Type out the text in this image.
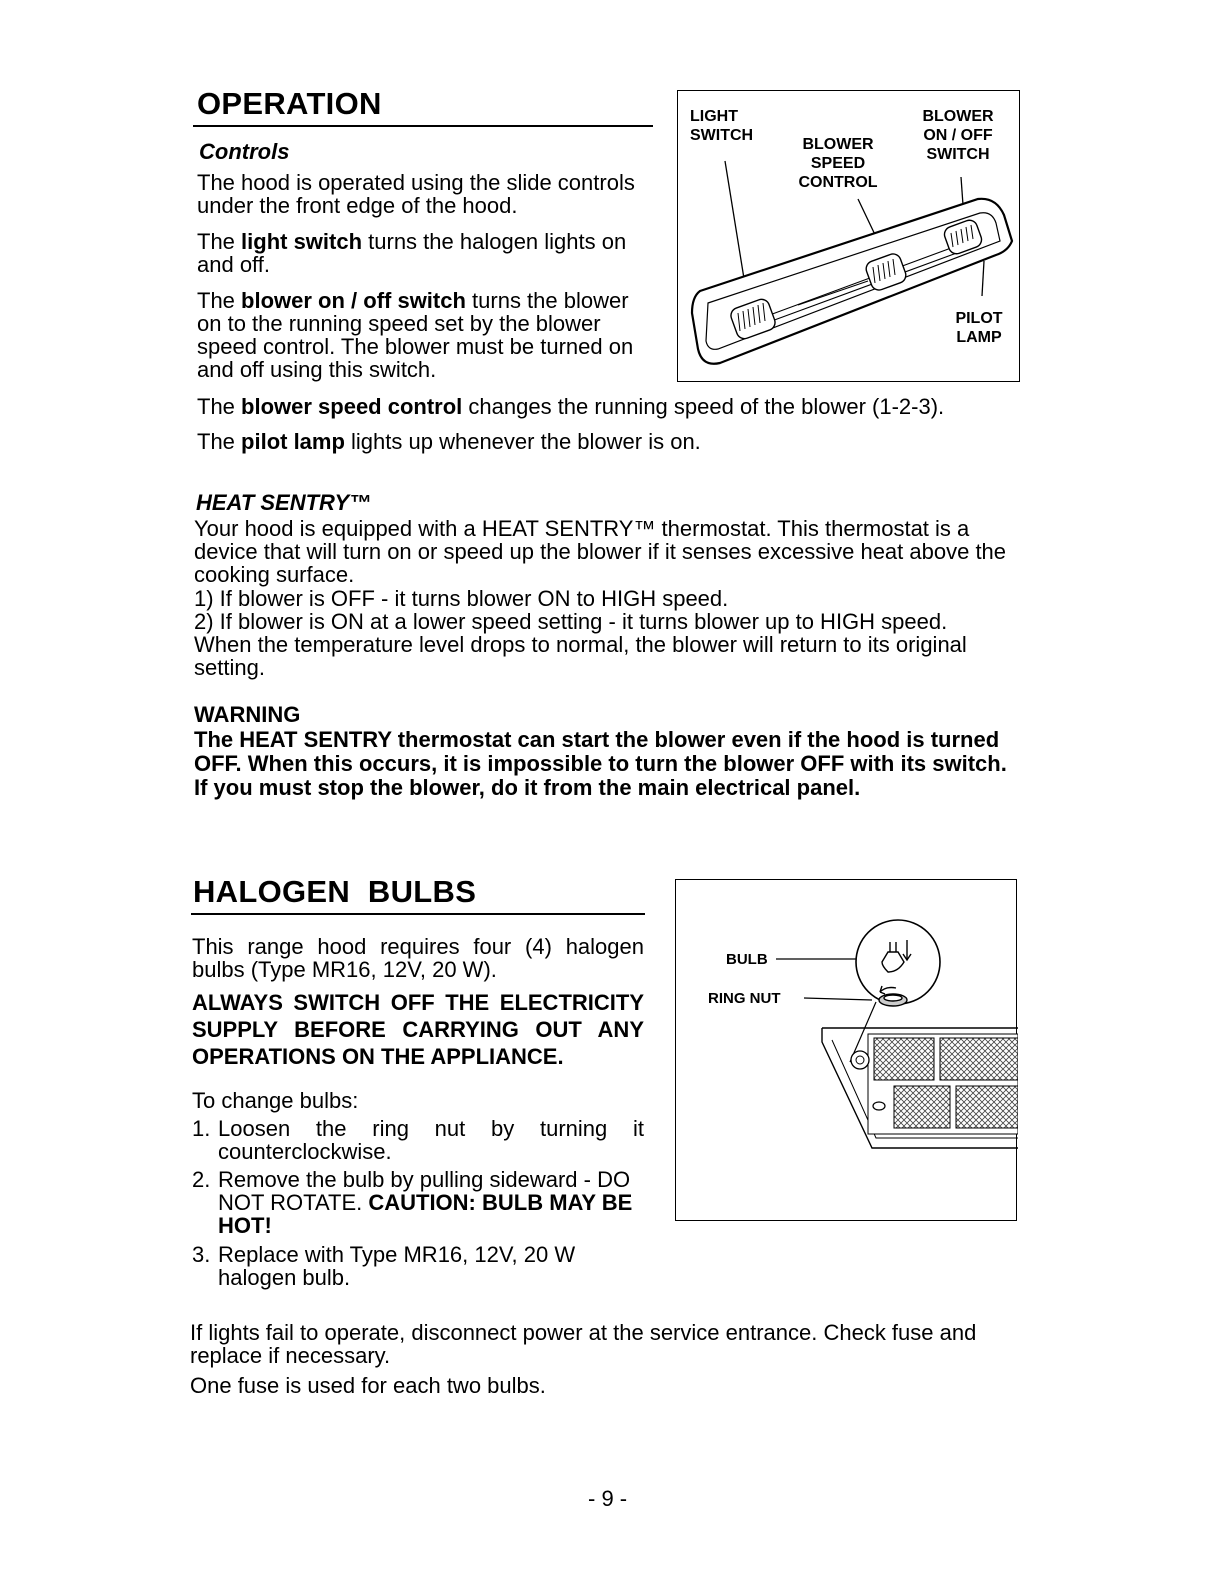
OPERATION
Controls
The hood is operated using the slide controls under the front edge of the hood.
The light switch turns the halogen lights on and off.
The blower on / off switch turns the blower on to the running speed set by the blower speed control. The blower must be turned on and off using this switch.
The blower speed control changes the running speed of the blower (1-2-3).
The pilot lamp lights up whenever the blower is on.
LIGHT
SWITCH
BLOWER
SPEED
CONTROL
BLOWER
ON / OFF
SWITCH
PILOT
LAMP
HEAT SENTRY™
Your hood is equipped with a HEAT SENTRY™ thermostat. This thermostat is a device that will turn on or speed up the blower if it senses excessive heat above the cooking surface.
1) If blower is OFF - it turns blower ON to HIGH speed.
2) If blower is ON at a lower speed setting - it turns blower up to HIGH speed.
When the temperature level drops to normal, the blower will return to its original setting.
WARNING
The HEAT SENTRY thermostat can start the blower even if the hood is turned
OFF. When this occurs, it is impossible to turn the blower OFF with its switch.
If you must stop the blower, do it from the main electrical panel.
HALOGEN  BULBS
This range hood requires four (4) halogen bulbs (Type MR16, 12V, 20 W).
ALWAYS SWITCH OFF THE ELECTRICITY SUPPLY BEFORE CARRYING OUT ANY OPERATIONS ON THE APPLIANCE.
To change bulbs:
1. Loosen the ring nut by turning it counterclockwise.
2. Remove the bulb by pulling sideward - DO NOT ROTATE. CAUTION: BULB MAY BE HOT!
3. Replace with Type MR16, 12V, 20 W halogen bulb.
If lights fail to operate, disconnect power at the service entrance. Check fuse and replace if necessary.
One fuse is used for each two bulbs.
BULB
RING NUT
- 9 -
